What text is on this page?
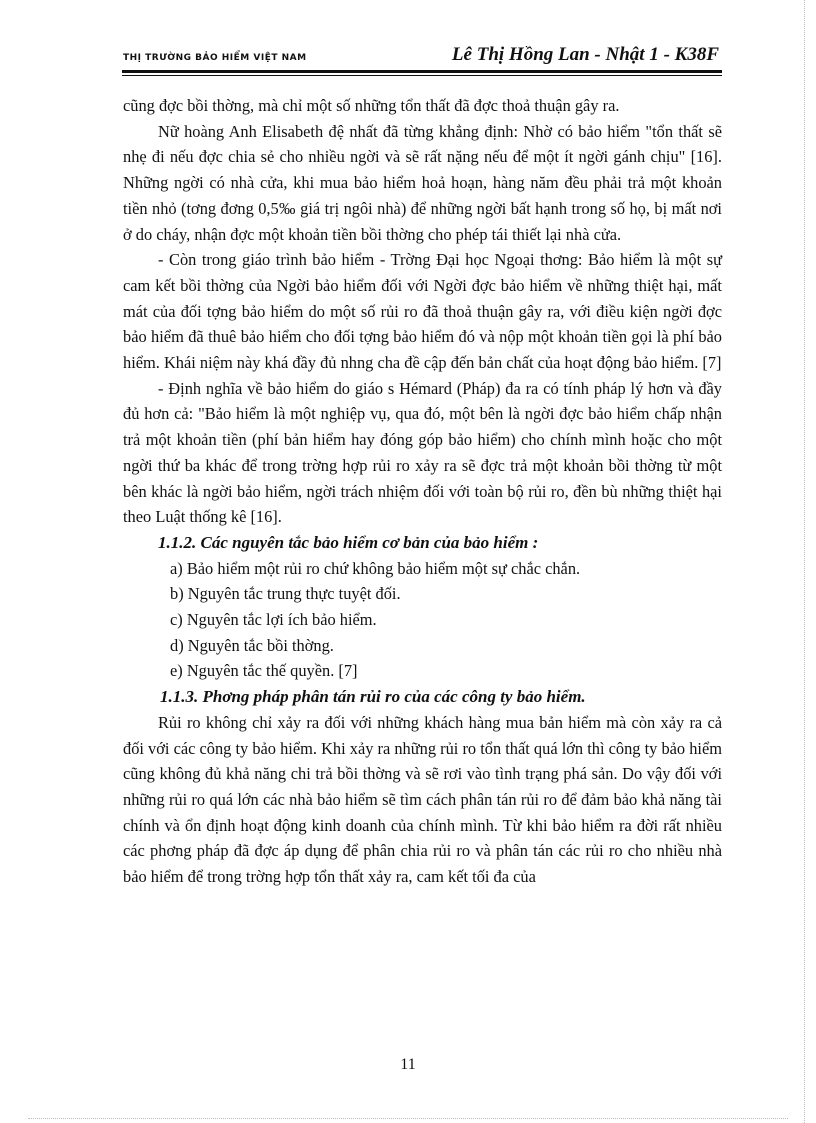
THỊ TRƯỜNG BẢO HIỂM VIỆT NAM	Lê Thị Hồng Lan - Nhật 1 - K38F

cũng đợc bồi thờng, mà chỉ một số những tổn thất đã đợc thoả thuận gây ra.

Nữ hoàng Anh Elisabeth đệ nhất đã từng khẳng định: Nhờ có bảo hiểm "tổn thất sẽ nhẹ đi nếu đợc chia sẻ cho nhiều ngời và sẽ rất nặng nếu để một ít ngời gánh chịu" [16]. Những ngời có nhà cửa, khi mua bảo hiểm hoả hoạn, hàng năm đều phải trả một khoản tiền nhỏ (tơng đơng 0,5‰ giá trị ngôi nhà) để những ngời bất hạnh trong số họ, bị mất nơi ở do cháy, nhận đợc một khoản tiền bồi thờng cho phép tái thiết lại nhà cửa.

- Còn trong giáo trình bảo hiểm - Trờng Đại học Ngoại thơng: Bảo hiểm là một sự cam kết bồi thờng của Ngời bảo hiểm đối với Ngời đợc bảo hiểm về những thiệt hại, mất mát của đối tợng bảo hiểm do một số rủi ro đã thoả thuận gây ra, với điều kiện ngời đợc bảo hiểm đã thuê bảo hiểm cho đối tợng bảo hiểm đó và nộp một khoản tiền gọi là phí bảo hiểm. Khái niệm này khá đầy đủ nhng cha đề cập đến bản chất của hoạt động bảo hiểm. [7]

- Định nghĩa về bảo hiểm do giáo s Hémard (Pháp) đa ra có tính pháp lý hơn và đầy đủ hơn cả: "Bảo hiểm là một nghiệp vụ, qua đó, một bên là ngời đợc bảo hiểm chấp nhận trả một khoản tiền (phí bản hiểm hay đóng góp bảo hiểm) cho chính mình hoặc cho một ngời thứ ba khác để trong trờng hợp rủi ro xảy ra sẽ đợc trả một khoản bồi thờng từ một bên khác là ngời bảo hiểm, ngời trách nhiệm đối với toàn bộ rủi ro, đền bù những thiệt hại theo Luật thống kê [16].

1.1.2. Các nguyên tắc bảo hiểm cơ bản của bảo hiểm :

a) Bảo hiểm một rủi ro chứ không bảo hiểm một sự chắc chắn.

b) Nguyên tắc trung thực tuyệt đối.

c) Nguyên tắc lợi ích bảo hiểm.

d) Nguyên tắc bồi thờng.

e) Nguyên tắc thế quyền. [7]

1.1.3. Phơng pháp phân tán rủi ro của các công ty bảo hiểm.

Rủi ro không chỉ xảy ra đối với những khách hàng mua bản hiểm mà còn xảy ra cả đối với các công ty bảo hiểm. Khi xảy ra những rủi ro tổn thất quá lớn thì công ty bảo hiểm cũng không đủ khả năng chi trả bồi thờng và sẽ rơi vào tình trạng phá sản. Do vậy đối với những rủi ro quá lớn các nhà bảo hiểm sẽ tìm cách phân tán rủi ro để đảm bảo khả năng tài chính và ổn định hoạt động kinh doanh của chính mình. Từ khi bảo hiểm ra đời rất nhiều các phơng pháp đã đợc áp dụng để phân chia rủi ro và phân tán các rủi ro cho nhiều nhà bảo hiểm để trong trờng hợp tổn thất xảy ra, cam kết tối đa của

11
